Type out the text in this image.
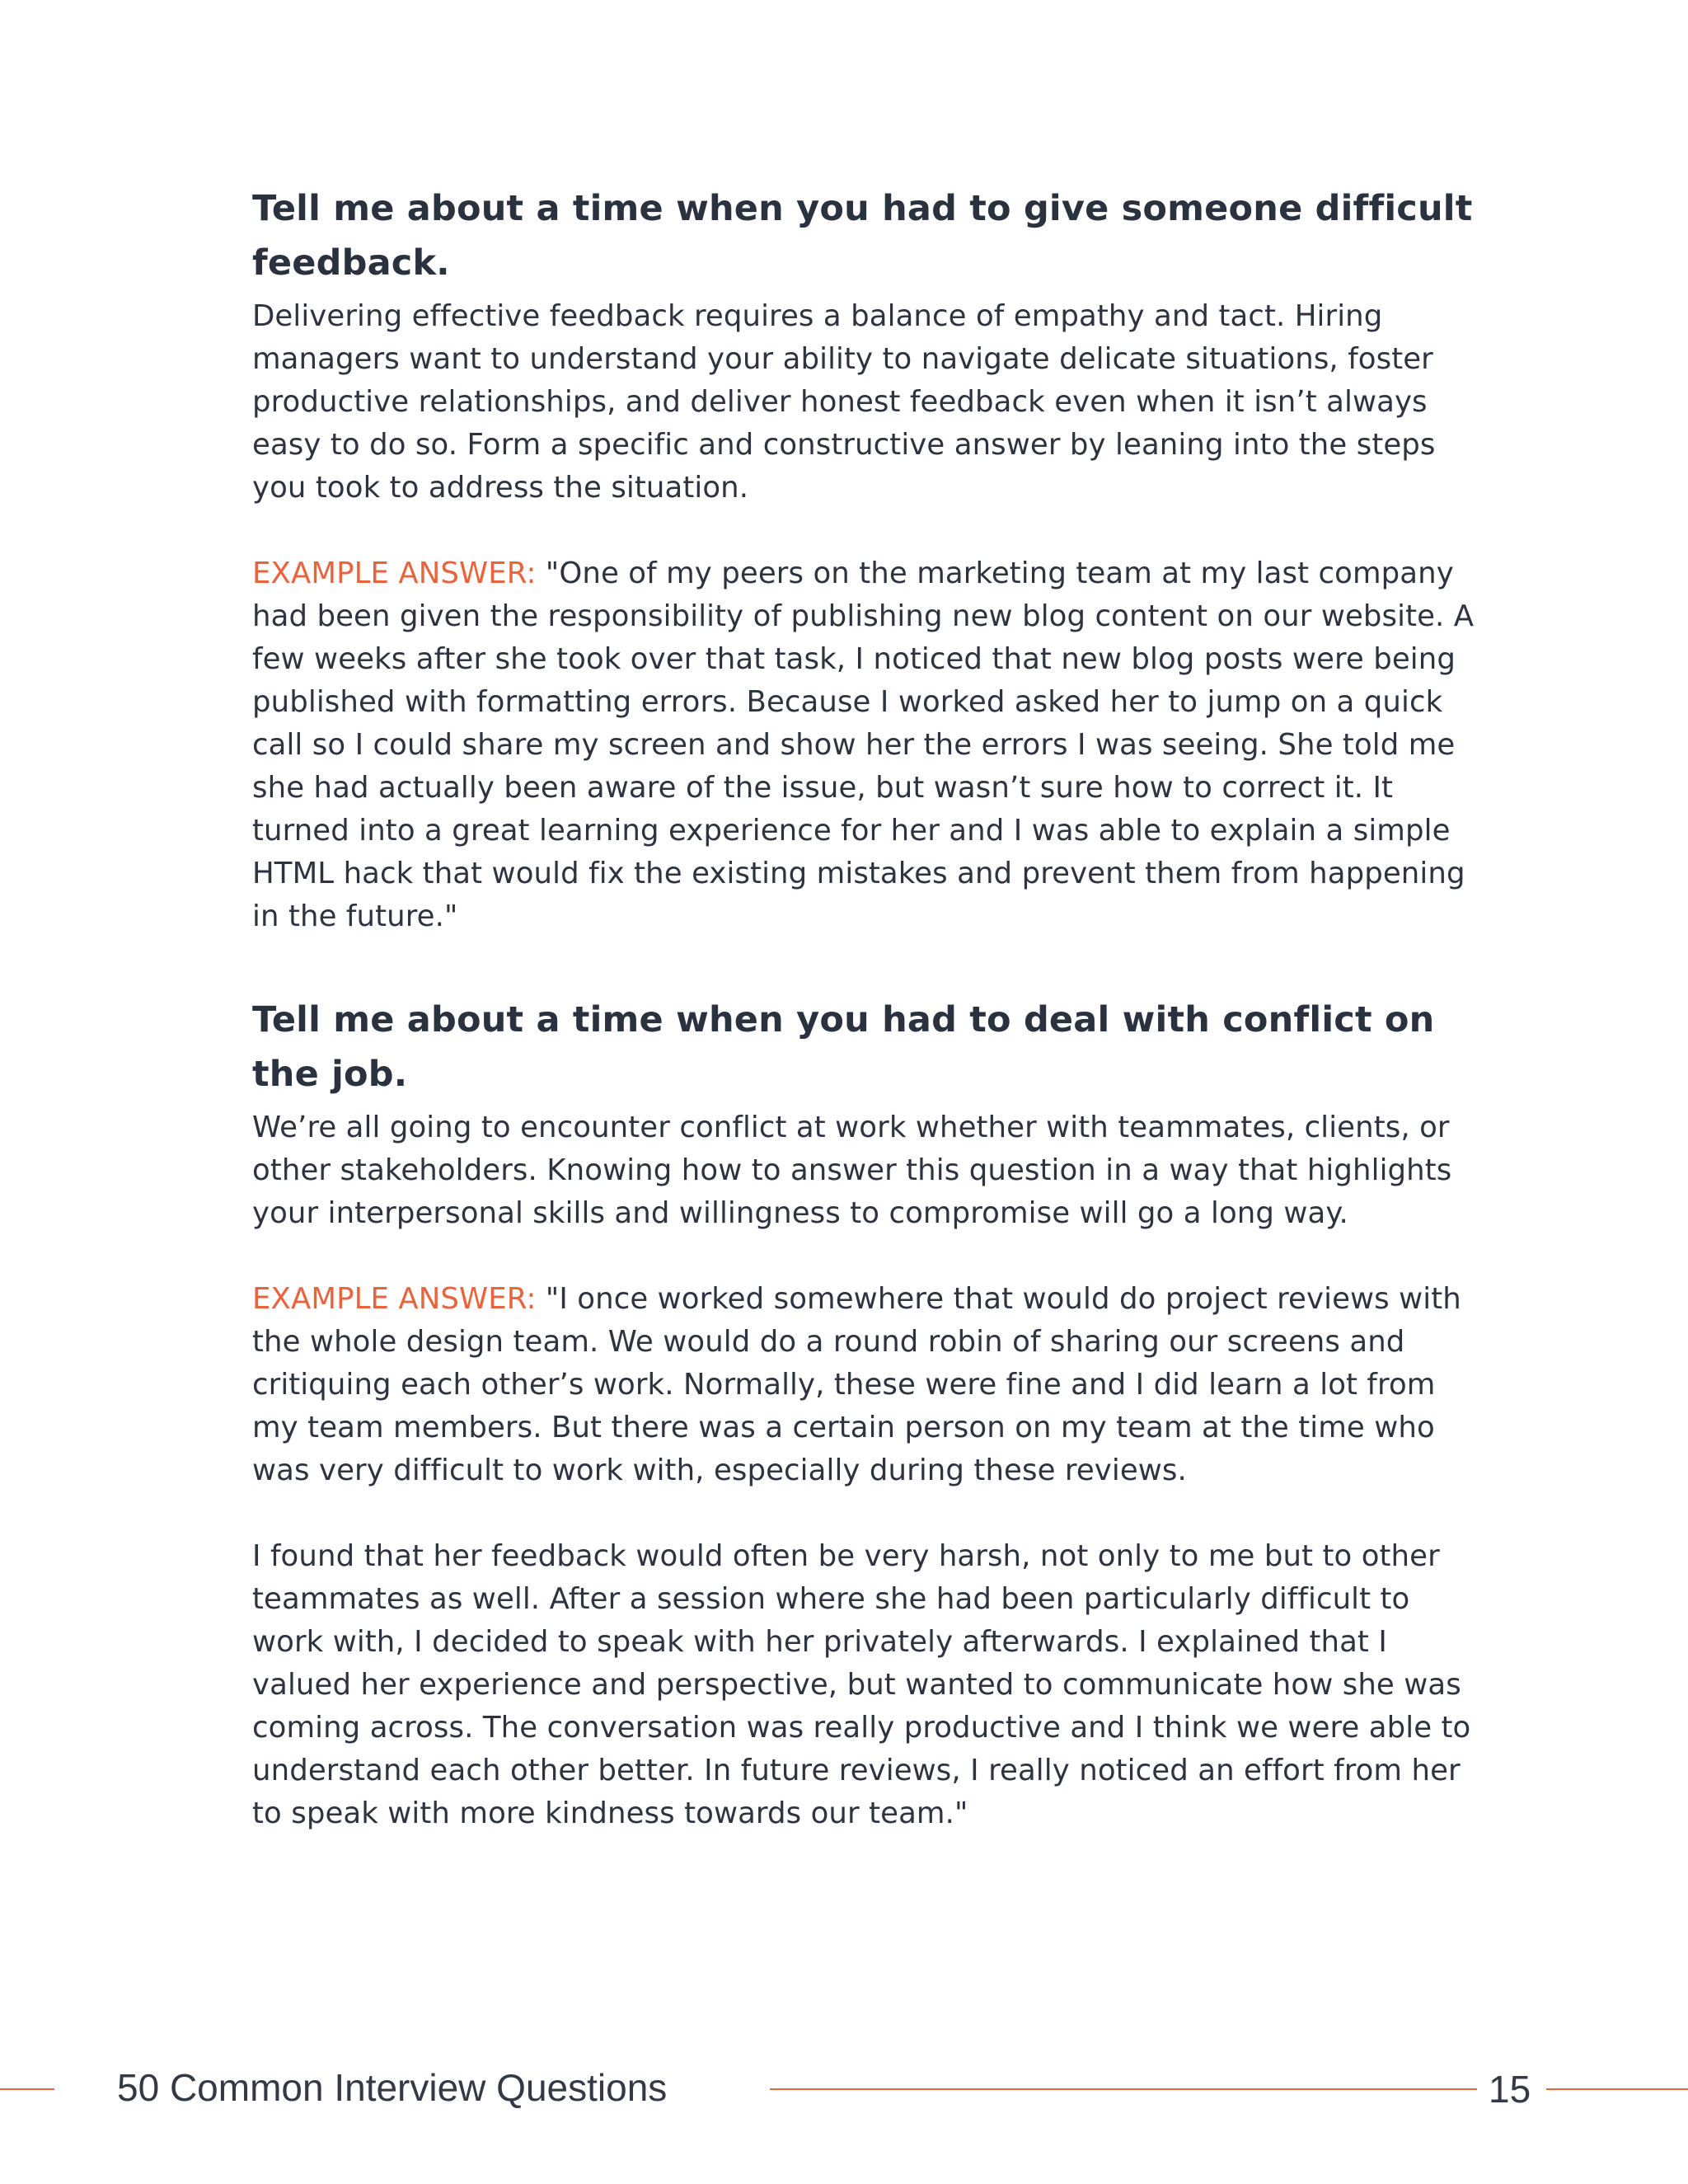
Tell me about a time when you had to give someone difficult feedback.

Delivering effective feedback requires a balance of empathy and tact. Hiring managers want to understand your ability to navigate delicate situations, foster productive relationships, and deliver honest feedback even when it isn’t always easy to do so. Form a specific and constructive answer by leaning into the steps you took to address the situation.

EXAMPLE ANSWER: "One of my peers on the marketing team at my last company had been given the responsibility of publishing new blog content on our website. A few weeks after she took over that task, I noticed that new blog posts were being published with formatting errors. Because I worked asked her to jump on a quick call so I could share my screen and show her the errors I was seeing. She told me she had actually been aware of the issue, but wasn’t sure how to correct it. It turned into a great learning experience for her and I was able to explain a simple HTML hack that would fix the existing mistakes and prevent them from happening in the future."

Tell me about a time when you had to deal with conflict on the job.

We’re all going to encounter conflict at work whether with teammates, clients, or other stakeholders. Knowing how to answer this question in a way that highlights your interpersonal skills and willingness to compromise will go a long way.

EXAMPLE ANSWER: "I once worked somewhere that would do project reviews with the whole design team. We would do a round robin of sharing our screens and critiquing each other’s work. Normally, these were fine and I did learn a lot from my team members. But there was a certain person on my team at the time who was very difficult to work with, especially during these reviews.

I found that her feedback would often be very harsh, not only to me but to other teammates as well. After a session where she had been particularly difficult to work with, I decided to speak with her privately afterwards. I explained that I valued her experience and perspective, but wanted to communicate how she was coming across. The conversation was really productive and I think we were able to understand each other better. In future reviews, I really noticed an effort from her to speak with more kindness towards our team."

50 Common Interview Questions	15
